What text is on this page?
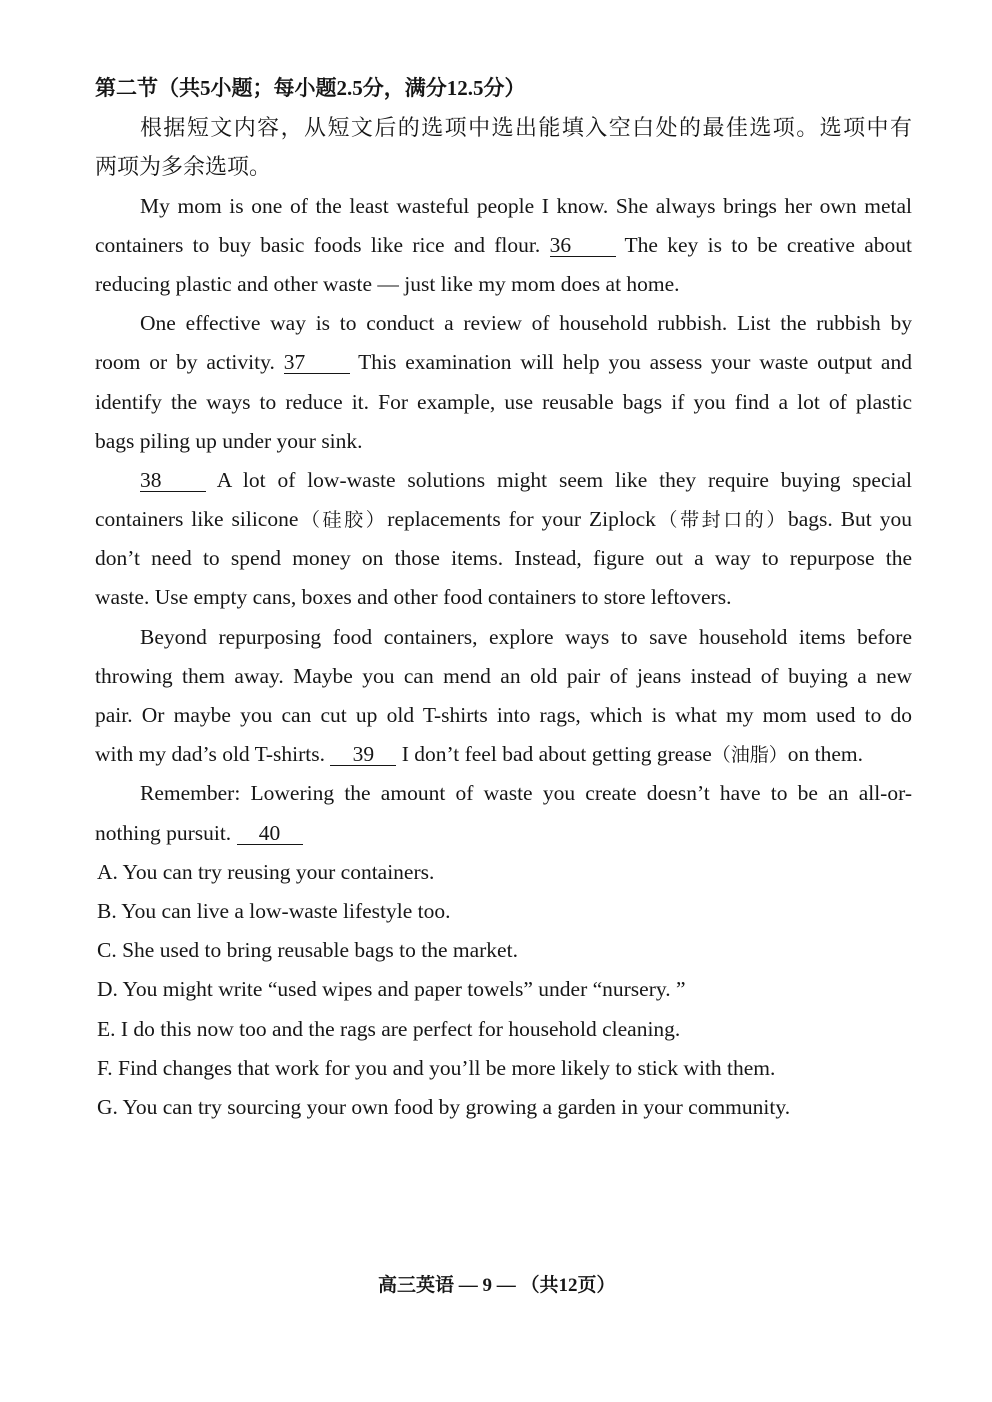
第二节（共5小题；每小题2.5分，满分12.5分）
根据短文内容，从短文后的选项中选出能填入空白处的最佳选项。选项中有
两项为多余选项。
My mom is one of the least wasteful people I know. She always brings her own metal
containers to buy basic foods like rice and flour. 36 The key is to be creative about
reducing plastic and other waste — just like my mom does at home.
One effective way is to conduct a review of household rubbish. List the rubbish by
room or by activity. 37 This examination will help you assess your waste output and
identify the ways to reduce it. For example, use reusable bags if you find a lot of plastic
bags piling up under your sink.
38	A lot of low-waste solutions might seem like they require buying special
containers like silicone（硅胶）replacements for your Ziplock（带封口的）bags. But you
don’t need to spend money on those items. Instead, figure out a way to repurpose the
waste. Use empty cans, boxes and other food containers to store leftovers.
Beyond repurposing food containers, explore ways to save household items before
throwing them away. Maybe you can mend an old pair of jeans instead of buying a new
pair. Or maybe you can cut up old T-shirts into rags, which is what my mom used to do
with my dad’s old T-shirts. 39 I don’t feel bad about getting grease（油脂）on them.
Remember: Lowering the amount of waste you create doesn’t have to be an all-or-
nothing pursuit. 40
A. You can try reusing your containers.
B. You can live a low-waste lifestyle too.
C. She used to bring reusable bags to the market.
D. You might write “used wipes and paper towels” under “nursery. ”
E. I do this now too and the rags are perfect for household cleaning.
F. Find changes that work for you and you’ll be more likely to stick with them.
G. You can try sourcing your own food by growing a garden in your community.
高三英语 — 9 — （共12页）
